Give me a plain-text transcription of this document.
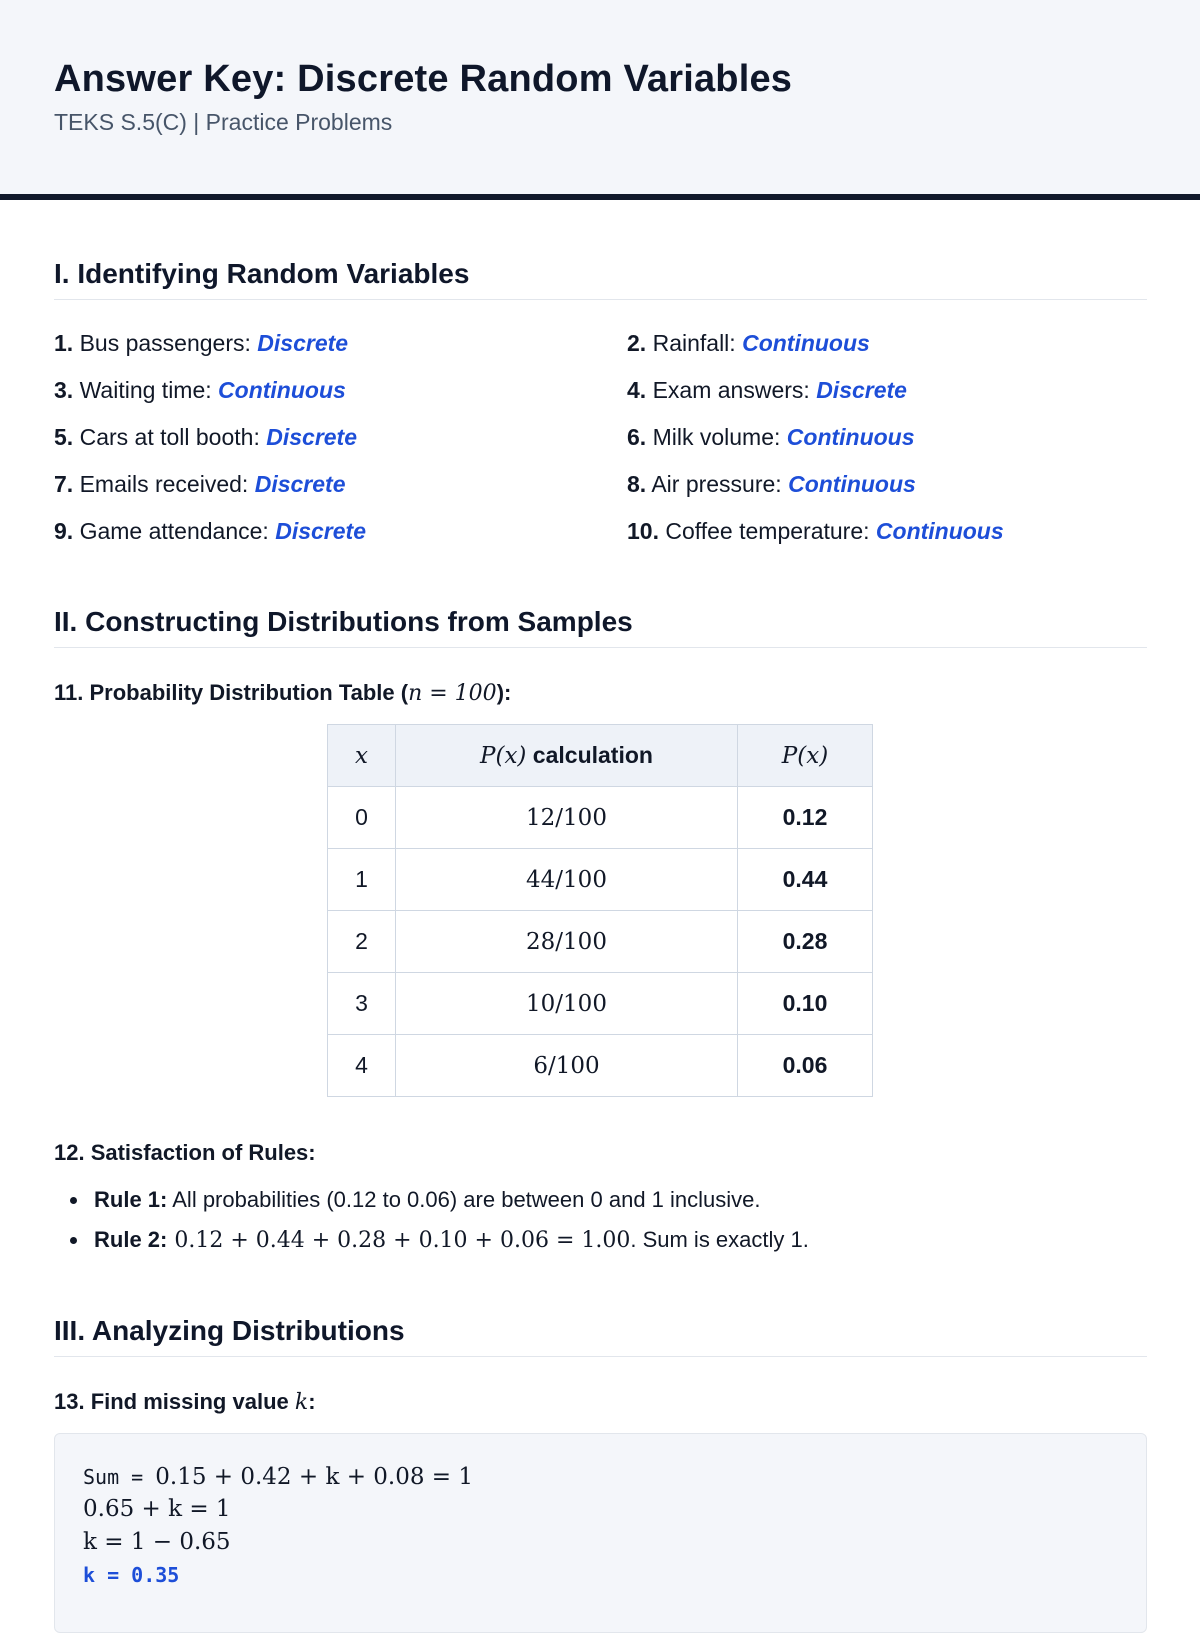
Answer Key: Discrete Random Variables
TEKS S.5(C) | Practice Problems
I. Identifying Random Variables
1. Bus passengers: Discrete	2. Rainfall: Continuous
3. Waiting time: Continuous	4. Exam answers: Discrete
5. Cars at toll booth: Discrete	6. Milk volume: Continuous
7. Emails received: Discrete	8. Air pressure: Continuous
9. Game attendance: Discrete	10. Coffee temperature: Continuous
II. Constructing Distributions from Samples
11. Probability Distribution Table (n = 100):
x	P(x) calculation	P(x)
0	12/100	0.12
1	44/100	0.44
2	28/100	0.28
3	10/100	0.10
4	6/100	0.06
12. Satisfaction of Rules:
Rule 1: All probabilities (0.12 to 0.06) are between 0 and 1 inclusive.
Rule 2: 0.12 + 0.44 + 0.28 + 0.10 + 0.06 = 1.00. Sum is exactly 1.
III. Analyzing Distributions
13. Find missing value k:
Sum = 0.15 + 0.42 + k + 0.08 = 1
0.65 + k = 1
k = 1 − 0.65
k = 0.35
